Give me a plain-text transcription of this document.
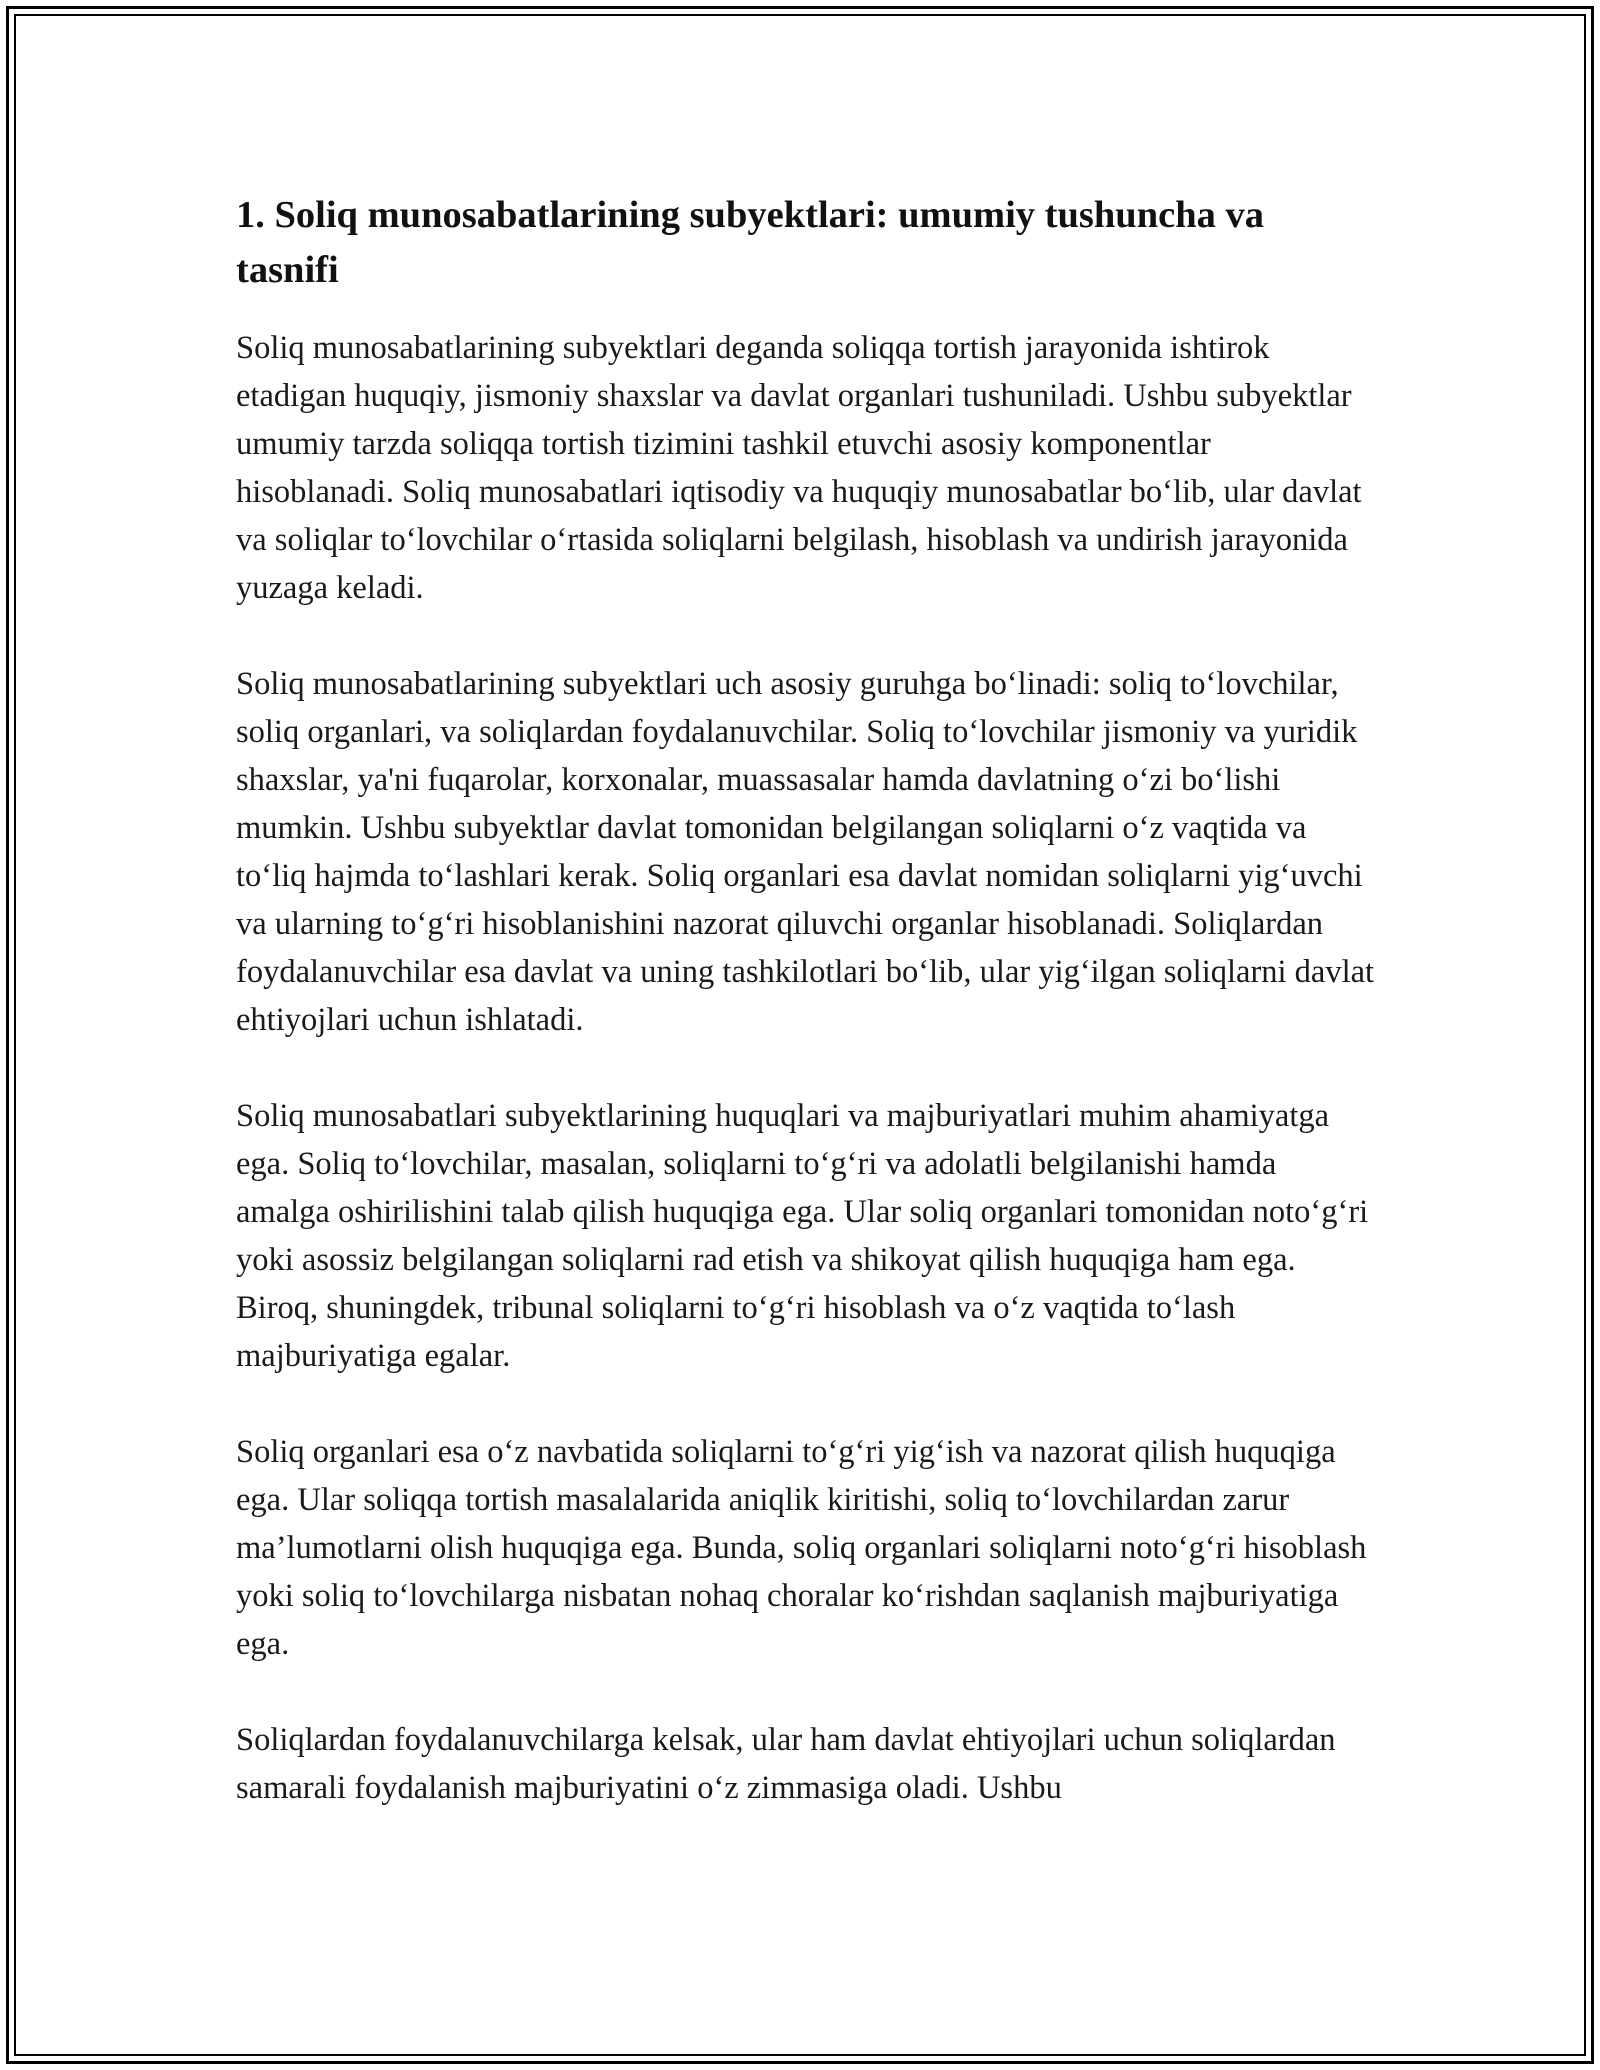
1. Soliq munosabatlarining subyektlari: umumiy tushuncha va tasnifi

Soliq munosabatlarining subyektlari deganda soliqqa tortish jarayonida ishtirok etadigan huquqiy, jismoniy shaxslar va davlat organlari tushuniladi. Ushbu subyektlar umumiy tarzda soliqqa tortish tizimini tashkil etuvchi asosiy komponentlar hisoblanadi. Soliq munosabatlari iqtisodiy va huquqiy munosabatlar bo‘lib, ular davlat va soliqlar to‘lovchilar o‘rtasida soliqlarni belgilash, hisoblash va undirish jarayonida yuzaga keladi.

Soliq munosabatlarining subyektlari uch asosiy guruhga bo‘linadi: soliq to‘lovchilar, soliq organlari, va soliqlardan foydalanuvchilar. Soliq to‘lovchilar jismoniy va yuridik shaxslar, ya'ni fuqarolar, korxonalar, muassasalar hamda davlatning o‘zi bo‘lishi mumkin. Ushbu subyektlar davlat tomonidan belgilangan soliqlarni o‘z vaqtida va to‘liq hajmda to‘lashlari kerak. Soliq organlari esa davlat nomidan soliqlarni yig‘uvchi va ularning to‘g‘ri hisoblanishini nazorat qiluvchi organlar hisoblanadi. Soliqlardan foydalanuvchilar esa davlat va uning tashkilotlari bo‘lib, ular yig‘ilgan soliqlarni davlat ehtiyojlari uchun ishlatadi.

Soliq munosabatlari subyektlarining huquqlari va majburiyatlari muhim ahamiyatga ega. Soliq to‘lovchilar, masalan, soliqlarni to‘g‘ri va adolatli belgilanishi hamda amalga oshirilishini talab qilish huquqiga ega. Ular soliq organlari tomonidan noto‘g‘ri yoki asossiz belgilangan soliqlarni rad etish va shikoyat qilish huquqiga ham ega. Biroq, shuningdek, tribunal soliqlarni to‘g‘ri hisoblash va o‘z vaqtida to‘lash majburiyatiga egalar.

Soliq organlari esa o‘z navbatida soliqlarni to‘g‘ri yig‘ish va nazorat qilish huquqiga ega. Ular soliqqa tortish masalalarida aniqlik kiritishi, soliq to‘lovchilardan zarur ma’lumotlarni olish huquqiga ega. Bunda, soliq organlari soliqlarni noto‘g‘ri hisoblash yoki soliq to‘lovchilarga nisbatan nohaq choralar ko‘rishdan saqlanish majburiyatiga ega.

Soliqlardan foydalanuvchilarga kelsak, ular ham davlat ehtiyojlari uchun soliqlardan samarali foydalanish majburiyatini o‘z zimmasiga oladi. Ushbu
